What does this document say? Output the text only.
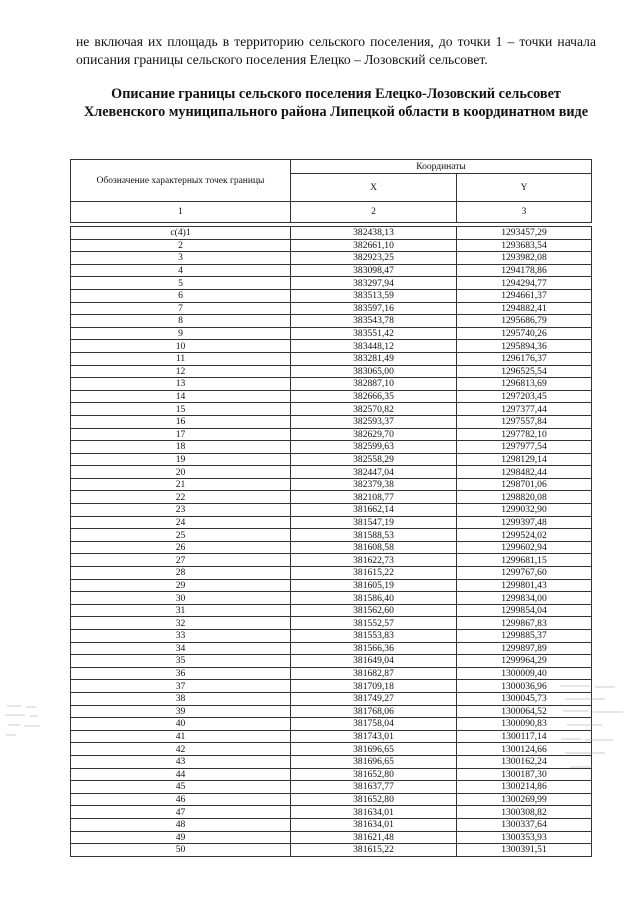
не включая их площадь в территорию сельского поселения, до точки 1 – точки начала описания границы сельского поселения Елецко – Лозовский сельсовет.
Описание границы сельского поселения Елецко-Лозовский сельсовет Хлевенского муниципального района Липецкой области в координатном виде
Обозначение характерных точек границы	Координаты	
	X	Y
1	2	3
с(4)1	382438,13	1293457,29
2	382661,10	1293683,54
3	382923,25	1293982,08
4	383098,47	1294178,86
5	383297,94	1294294,77
6	383513,59	1294661,37
7	383597,16	1294882,41
8	383543,78	1295686,79
9	383551,42	1295740,26
10	383448,12	1295894,36
11	383281,49	1296176,37
12	383065,00	1296525,54
13	382887,10	1296813,69
14	382666,35	1297203,45
15	382570,82	1297377,44
16	382593,37	1297557,84
17	382629,70	1297782,10
18	382599,63	1297977,54
19	382558,29	1298129,14
20	382447,04	1298482,44
21	382379,38	1298701,06
22	382108,77	1298820,08
23	381662,14	1299032,90
24	381547,19	1299397,48
25	381588,53	1299524,02
26	381608,58	1299602,94
27	381622,73	1299681,15
28	381615,22	1299767,60
29	381605,19	1299801,43
30	381586,40	1299834,00
31	381562,60	1299854,04
32	381552,57	1299867,83
33	381553,83	1299885,37
34	381566,36	1299897,89
35	381649,04	1299964,29
36	381682,87	1300009,40
37	381709,18	1300036,96
38	381749,27	1300045,73
39	381768,06	1300064,52
40	381758,04	1300090,83
41	381743,01	1300117,14
42	381696,65	1300124,66
43	381696,65	1300162,24
44	381652,80	1300187,30
45	381637,77	1300214,86
46	381652,80	1300269,99
47	381634,01	1300308,82
48	381634,01	1300337,64
49	381621,48	1300353,93
50	381615,22	1300391,51
